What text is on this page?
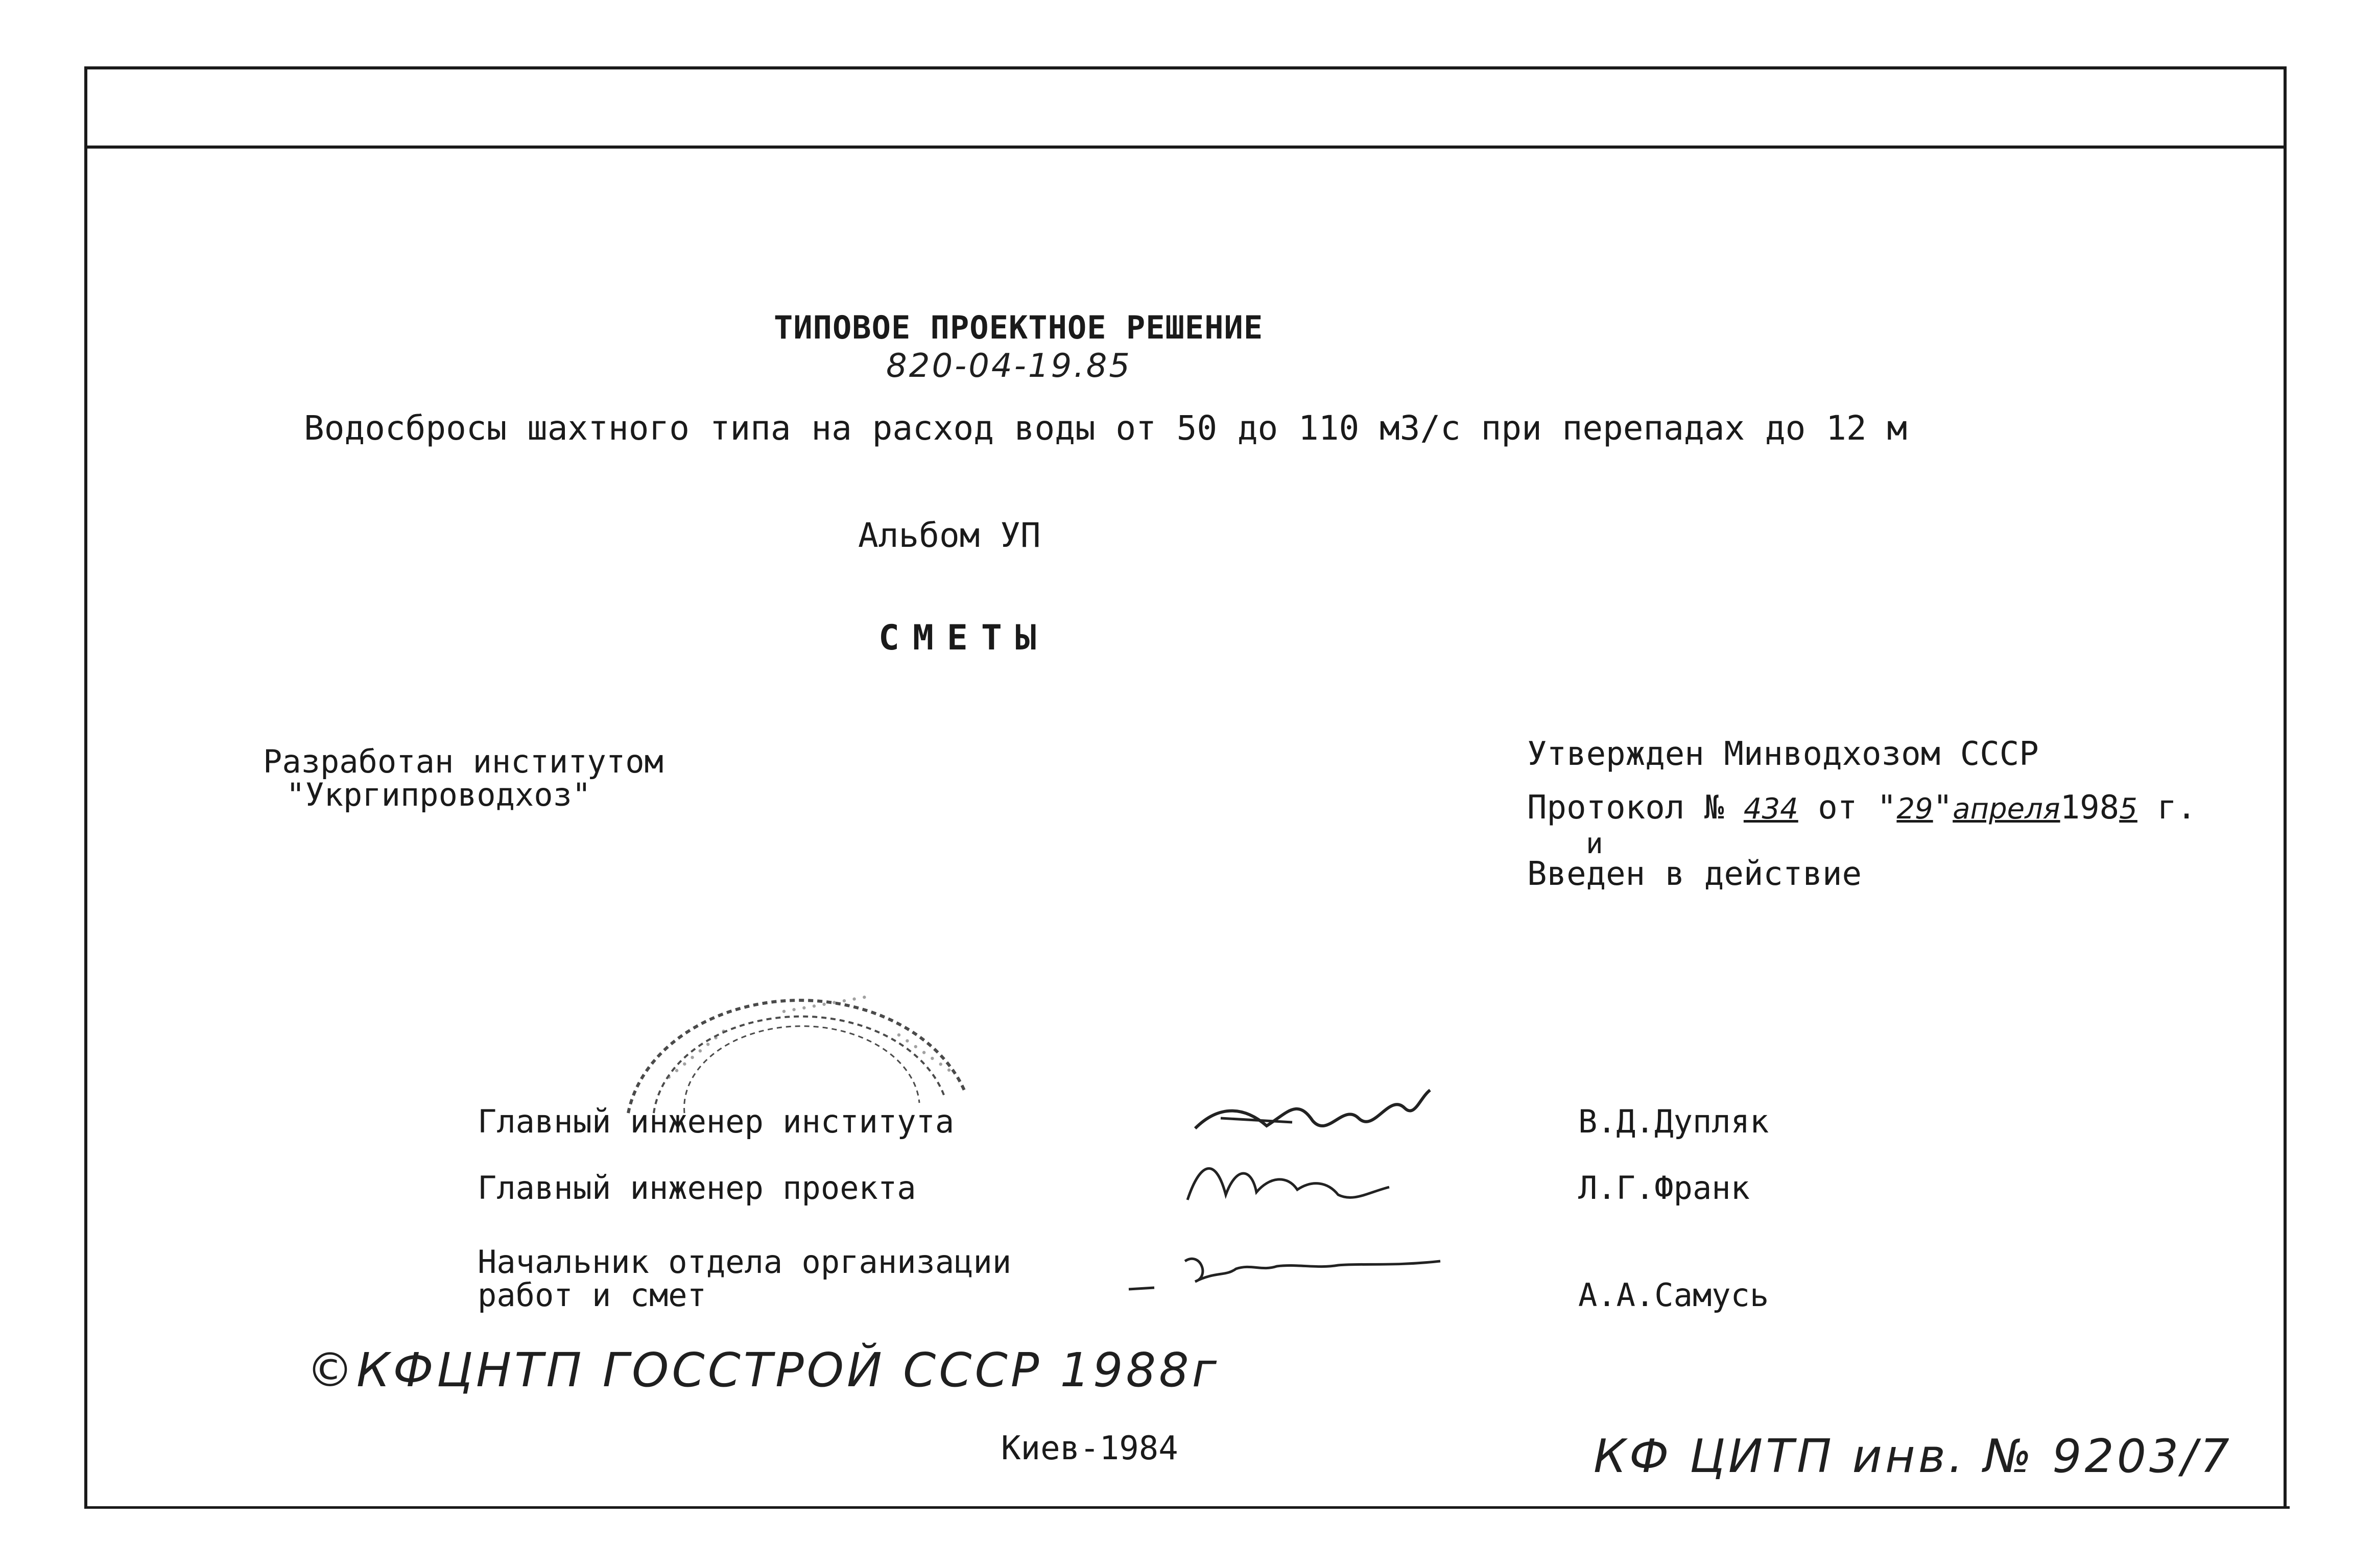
ТИПОВОЕ ПРОЕКТНОЕ РЕШЕНИЕ
820-04-19.85
Водосбросы шахтного типа на расход воды от 50 до 110 м3/с при перепадах до 12 м
Альбом УП
СМЕТЫ
Разработан институтом
"Укргипроводхоз"
Утвержден Минводхозом СССР
Протокол № 434 от "29"апреля1985 г.
и
Введен в действие
• • • • • • • •
• • • • • • • • •
• • • • • • •
Главный инженер института	В.Д.Дупляк
Главный инженер проекта	Л.Г.Франк
Начальник отдела организации
работ и смет	А.А.Самусь
©КФЦНТП ГОССТРОЙ СССР 1988г
Киев-1984	КФ ЦИТП инв. № 9203/7
